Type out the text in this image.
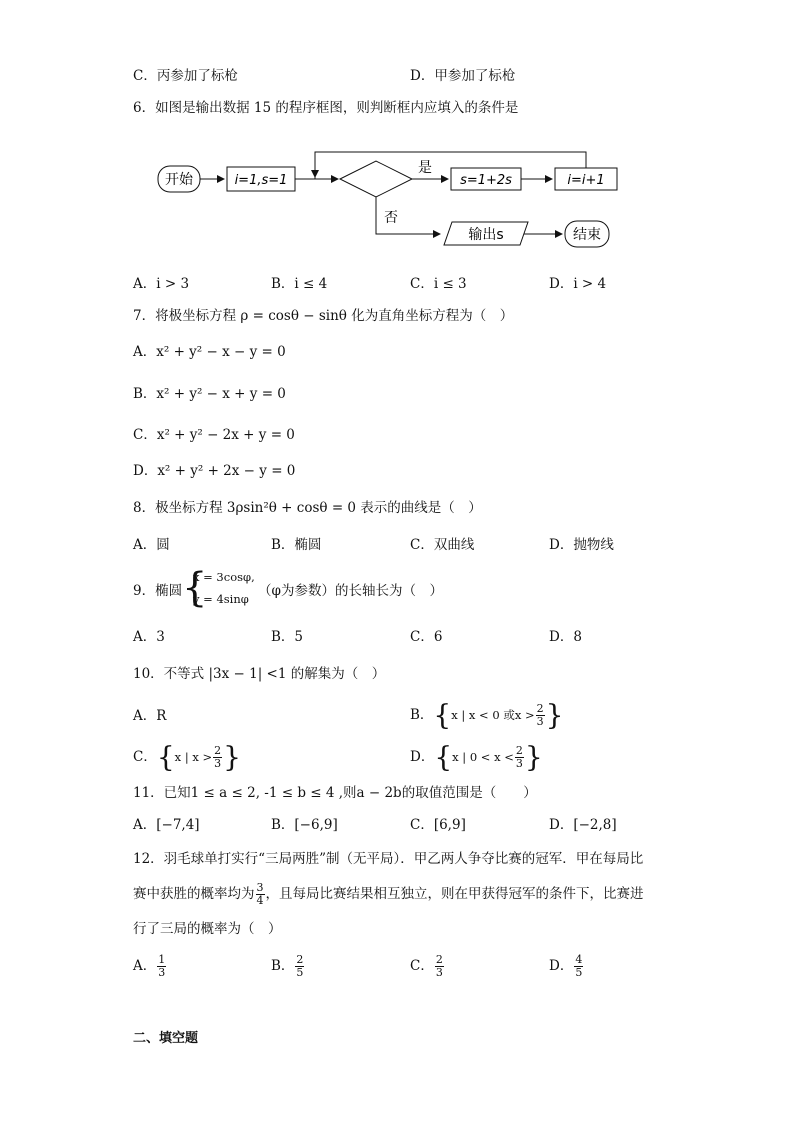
C．丙参加了标枪	D．甲参加了标枪
6．如图是输出数据 15 的程序框图，则判断框内应填入的条件是
开始	i=1,s=1
是
s=1+2s	i=i+1
否
输出s	结束
A．i > 3	B．i ≤ 4	C．i ≤ 3	D．i > 4
7．将极坐标方程 ρ = cosθ − sinθ 化为直角坐标方程为（　）
A．x² + y² − x − y = 0
B．x² + y² − x + y = 0
C．x² + y² − 2x + y = 0
D．x² + y² + 2x − y = 0
8．极坐标方程 3ρsin²θ + cosθ = 0 表示的曲线是（　）
A．圆	B．椭圆	C．双曲线	D．抛物线
9．椭圆 {
x = 3cosφ,
y = 4sinφ （φ为参数）的长轴长为（　）
A．3	B．5	C．6	D．8
10．不等式 |3x − 1| <1 的解集为（　）
A．R	B．{x | x < 0 或$x > \frac{2}{3}$ }
C．{x | $x > \frac{2}{3}$ }	D．{x | $0 < x < \frac{2}{3}$ }
11．已知1 ≤ a ≤ 2, -1 ≤ b ≤ 4 ,则a − 2b的取值范围是（　　）
A．[−7,4]	B．[−6,9]	C．[6,9]	D．[−2,8]
12．羽毛球单打实行“三局两胜”制（无平局）．甲乙两人争夺比赛的冠军．甲在每局比
赛中获胜的概率均为 $\frac{3}{4}$ ，且每局比赛结果相互独立，则在甲获得冠军的条件下，比赛进
行了三局的概率为（　）
A． $\frac{1}{3}$	B． $\frac{2}{5}$	C． $\frac{2}{3}$	D． $\frac{4}{5}$
二、填空题
